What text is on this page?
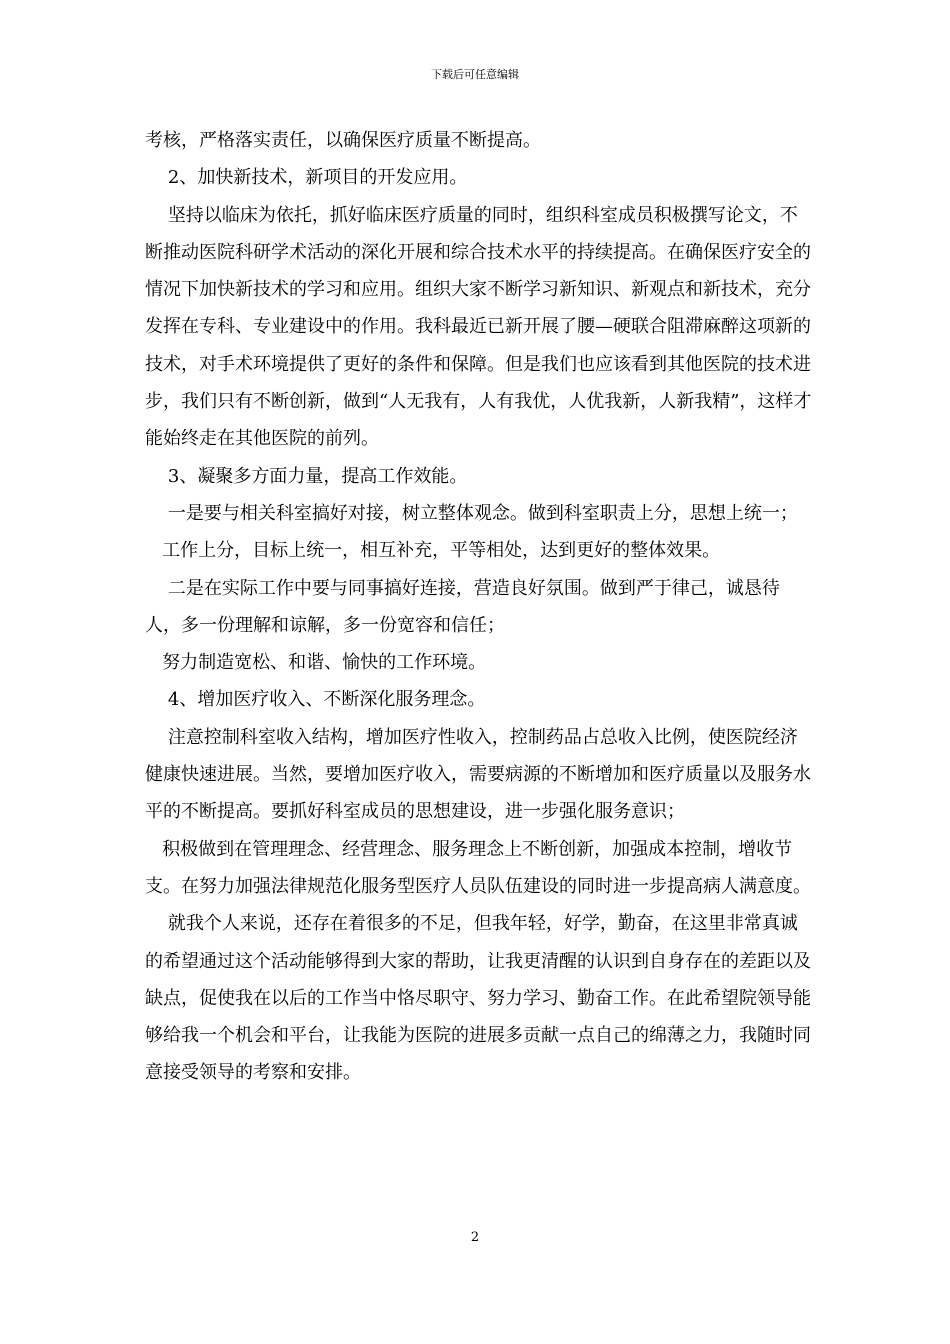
下载后可任意编辑

考核，严格落实责任，以确保医疗质量不断提高。

2、加快新技术，新项目的开发应用。

坚持以临床为依托，抓好临床医疗质量的同时，组织科室成员积极撰写论文，不断推动医院科研学术活动的深化开展和综合技术水平的持续提高。在确保医疗安全的情况下加快新技术的学习和应用。组织大家不断学习新知识、新观点和新技术，充分发挥在专科、专业建设中的作用。我科最近已新开展了腰—硬联合阻滞麻醉这项新的技术，对手术环境提供了更好的条件和保障。但是我们也应该看到其他医院的技术进步，我们只有不断创新，做到“人无我有，人有我优，人优我新，人新我精”，这样才能始终走在其他医院的前列。

3、凝聚多方面力量，提高工作效能。

一是要与相关科室搞好对接，树立整体观念。做到科室职责上分，思想上统一；

工作上分，目标上统一，相互补充，平等相处，达到更好的整体效果。

二是在实际工作中要与同事搞好连接，营造良好氛围。做到严于律己，诚恳待人，多一份理解和谅解，多一份宽容和信任；

努力制造宽松、和谐、愉快的工作环境。

4、增加医疗收入、不断深化服务理念。

注意控制科室收入结构，增加医疗性收入，控制药品占总收入比例，使医院经济健康快速进展。当然，要增加医疗收入，需要病源的不断增加和医疗质量以及服务水平的不断提高。要抓好科室成员的思想建设，进一步强化服务意识；

积极做到在管理理念、经营理念、服务理念上不断创新，加强成本控制，增收节支。在努力加强法律规范化服务型医疗人员队伍建设的同时进一步提高病人满意度。

就我个人来说，还存在着很多的不足，但我年轻，好学，勤奋，在这里非常真诚的希望通过这个活动能够得到大家的帮助，让我更清醒的认识到自身存在的差距以及缺点，促使我在以后的工作当中恪尽职守、努力学习、勤奋工作。在此希望院领导能够给我一个机会和平台，让我能为医院的进展多贡献一点自己的绵薄之力，我随时同意接受领导的考察和安排。

2
